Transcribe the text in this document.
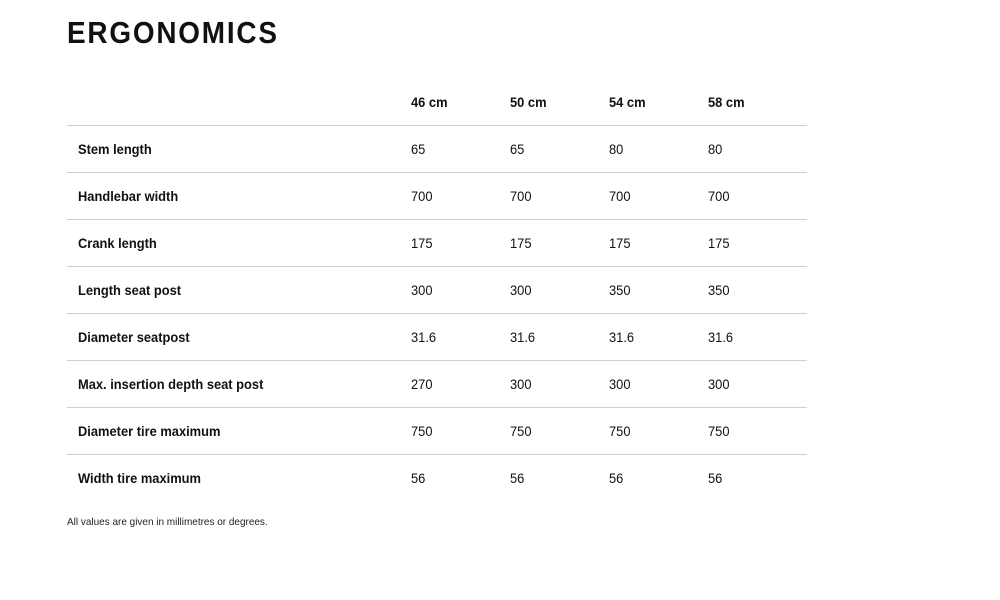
ERGONOMICS
	46 cm	50 cm	54 cm	58 cm
Stem length	65	65	80	80
Handlebar width	700	700	700	700
Crank length	175	175	175	175
Length seat post	300	300	350	350
Diameter seatpost	31.6	31.6	31.6	31.6
Max. insertion depth seat post	270	300	300	300
Diameter tire maximum	750	750	750	750
Width tire maximum	56	56	56	56

All values are given in millimetres or degrees.
